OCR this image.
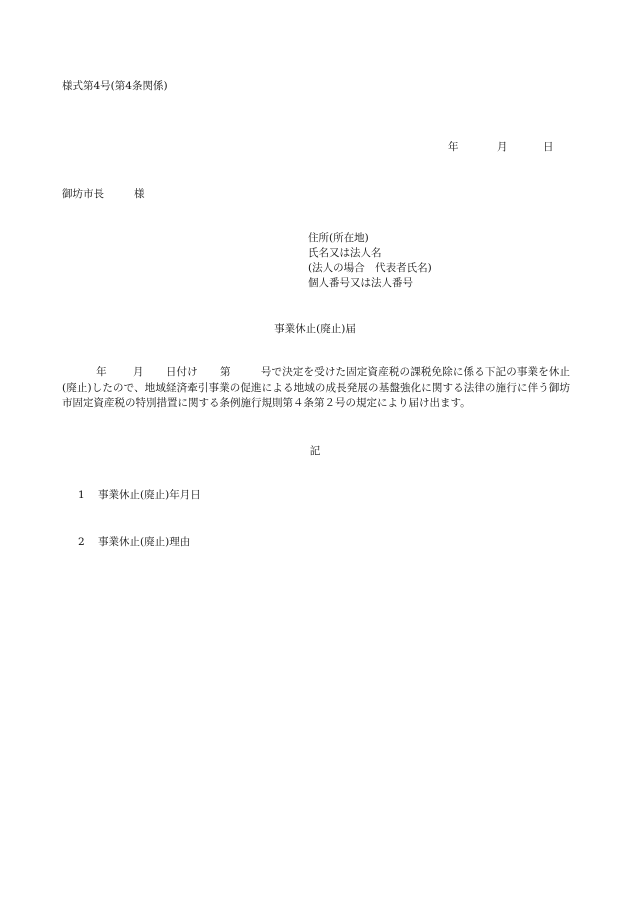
様式第4号(第4条関係)
年	月	日
御坊市長	様
住所(所在地)
氏名又は法人名
(法人の場合　代表者氏名)
個人番号又は法人番号
事業休止(廃止)届
年 月 日付け 第	号で決定を受けた固定資産税の課税免除に係る下記の事業を休止(廃止)したので、地域経済牽引事業の促進による地域の成長発展の基盤強化に関する法律の施行に伴う御坊市固定資産税の特別措置に関する条例施行規則第４条第２号の規定により届け出ます。
記
1 事業休止(廃止)年月日
2 事業休止(廃止)理由
